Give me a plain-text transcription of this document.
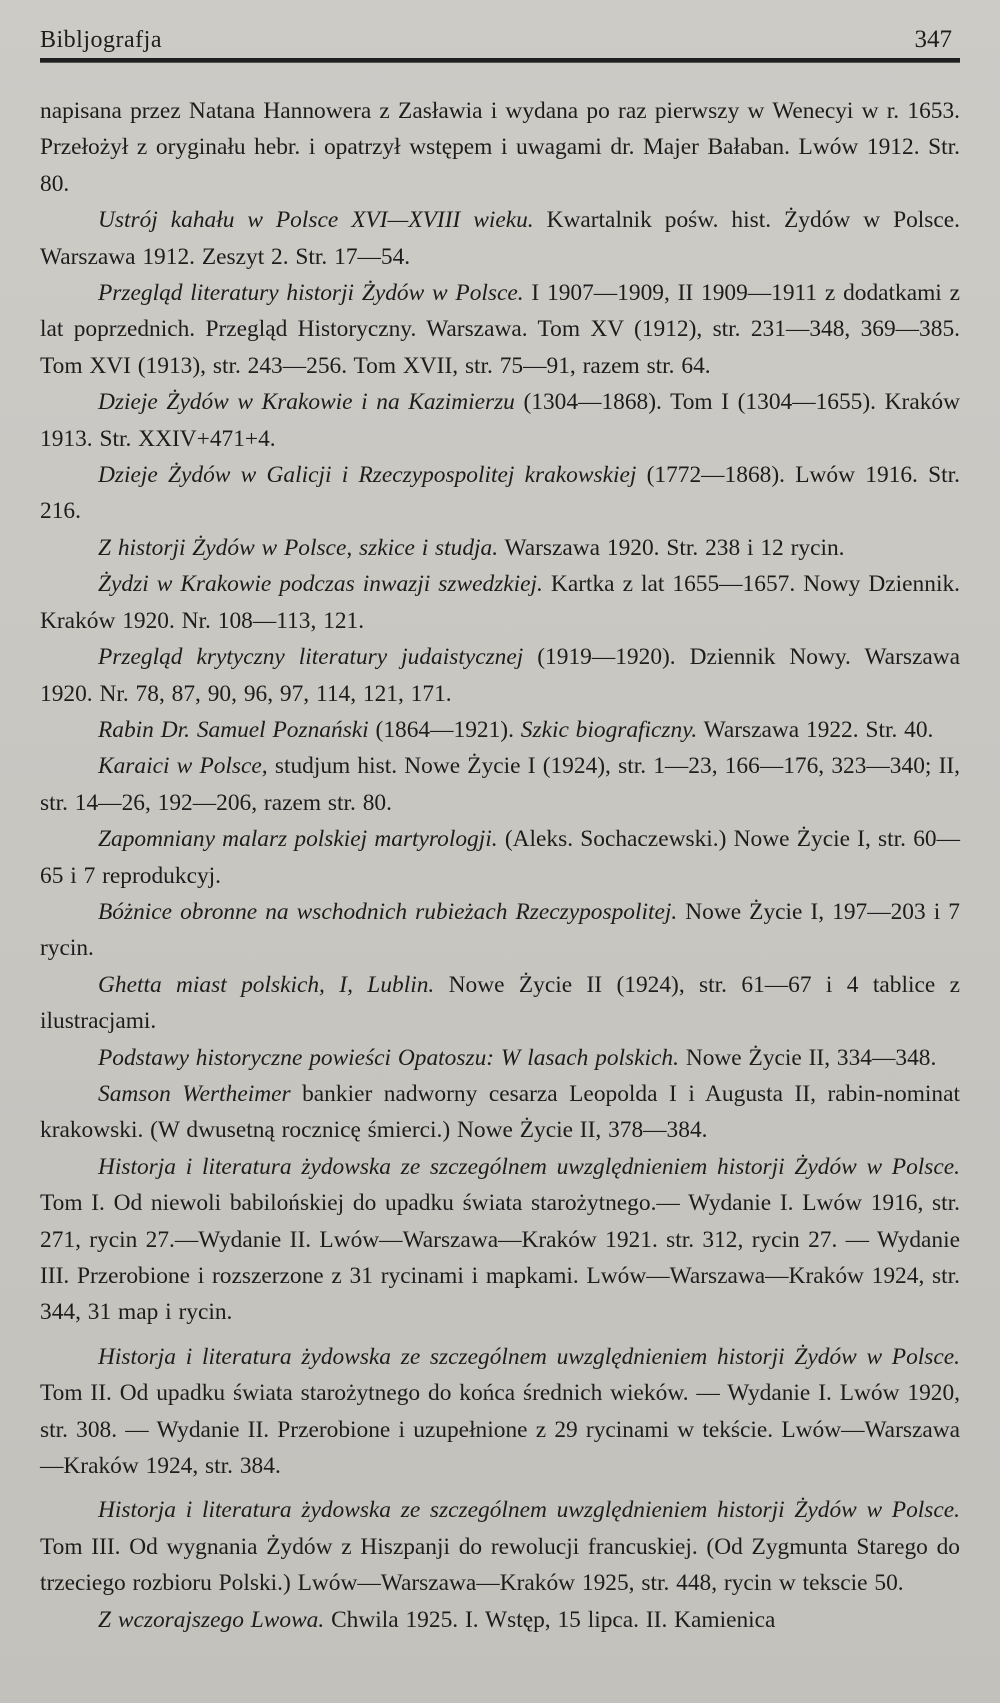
Bibljografja	347

napisana przez Natana Hannowera z Zasławia i wydana po raz pierwszy w Wenecyi w r. 1653. Przełożył z oryginału hebr. i opatrzył wstępem i uwagami dr. Majer Bałaban. Lwów 1912. Str. 80.

Ustrój kahału w Polsce XVI—XVIII wieku. Kwartalnik pośw. hist. Żydów w Polsce. Warszawa 1912. Zeszyt 2. Str. 17—54.

Przegląd literatury historji Żydów w Polsce. I 1907—1909, II 1909—1911 z dodatkami z lat poprzednich. Przegląd Historyczny. Warszawa. Tom XV (1912), str. 231—348, 369—385. Tom XVI (1913), str. 243—256. Tom XVII, str. 75—91, razem str. 64.

Dzieje Żydów w Krakowie i na Kazimierzu (1304—1868). Tom I (1304—1655). Kraków 1913. Str. XXIV+471+4.

Dzieje Żydów w Galicji i Rzeczypospolitej krakowskiej (1772—1868). Lwów 1916. Str. 216.

Z historji Żydów w Polsce, szkice i studja. Warszawa 1920. Str. 238 i 12 rycin.

Żydzi w Krakowie podczas inwazji szwedzkiej. Kartka z lat 1655—1657. Nowy Dziennik. Kraków 1920. Nr. 108—113, 121.

Przegląd krytyczny literatury judaistycznej (1919—1920). Dziennik Nowy. Warszawa 1920. Nr. 78, 87, 90, 96, 97, 114, 121, 171.

Rabin Dr. Samuel Poznański (1864—1921). Szkic biograficzny. Warszawa 1922. Str. 40.

Karaici w Polsce, studjum hist. Nowe Życie I (1924), str. 1—23, 166—176, 323—340; II, str. 14—26, 192—206, razem str. 80.

Zapomniany malarz polskiej martyrologji. (Aleks. Sochaczewski.) Nowe Życie I, str. 60—65 i 7 reprodukcyj.

Bóżnice obronne na wschodnich rubieżach Rzeczypospolitej. Nowe Życie I, 197—203 i 7 rycin.

Ghetta miast polskich, I, Lublin. Nowe Życie II (1924), str. 61—67 i 4 tablice z ilustracjami.

Podstawy historyczne powieści Opatoszu: W lasach polskich. Nowe Życie II, 334—348.

Samson Wertheimer bankier nadworny cesarza Leopolda I i Augusta II, rabin-nominat krakowski. (W dwusetną rocznicę śmierci.) Nowe Życie II, 378—384.

Historja i literatura żydowska ze szczególnem uwzględnieniem historji Żydów w Polsce. Tom I. Od niewoli babilońskiej do upadku świata starożytnego.— Wydanie I. Lwów 1916, str. 271, rycin 27.—Wydanie II. Lwów—Warszawa—Kraków 1921. str. 312, rycin 27. — Wydanie III. Przerobione i rozszerzone z 31 rycinami i mapkami. Lwów—Warszawa—Kraków 1924, str. 344, 31 map i rycin.

Historja i literatura żydowska ze szczególnem uwzględnieniem historji Żydów w Polsce. Tom II. Od upadku świata starożytnego do końca średnich wieków. — Wydanie I. Lwów 1920, str. 308. — Wydanie II. Przerobione i uzupełnione z 29 rycinami w tekście. Lwów—Warszawa—Kraków 1924, str. 384.

Historja i literatura żydowska ze szczególnem uwzględnieniem historji Żydów w Polsce. Tom III. Od wygnania Żydów z Hiszpanji do rewolucji francuskiej. (Od Zygmunta Starego do trzeciego rozbioru Polski.) Lwów—Warszawa—Kraków 1925, str. 448, rycin w tekscie 50.

Z wczorajszego Lwowa. Chwila 1925. I. Wstęp, 15 lipca. II. Kamienica
